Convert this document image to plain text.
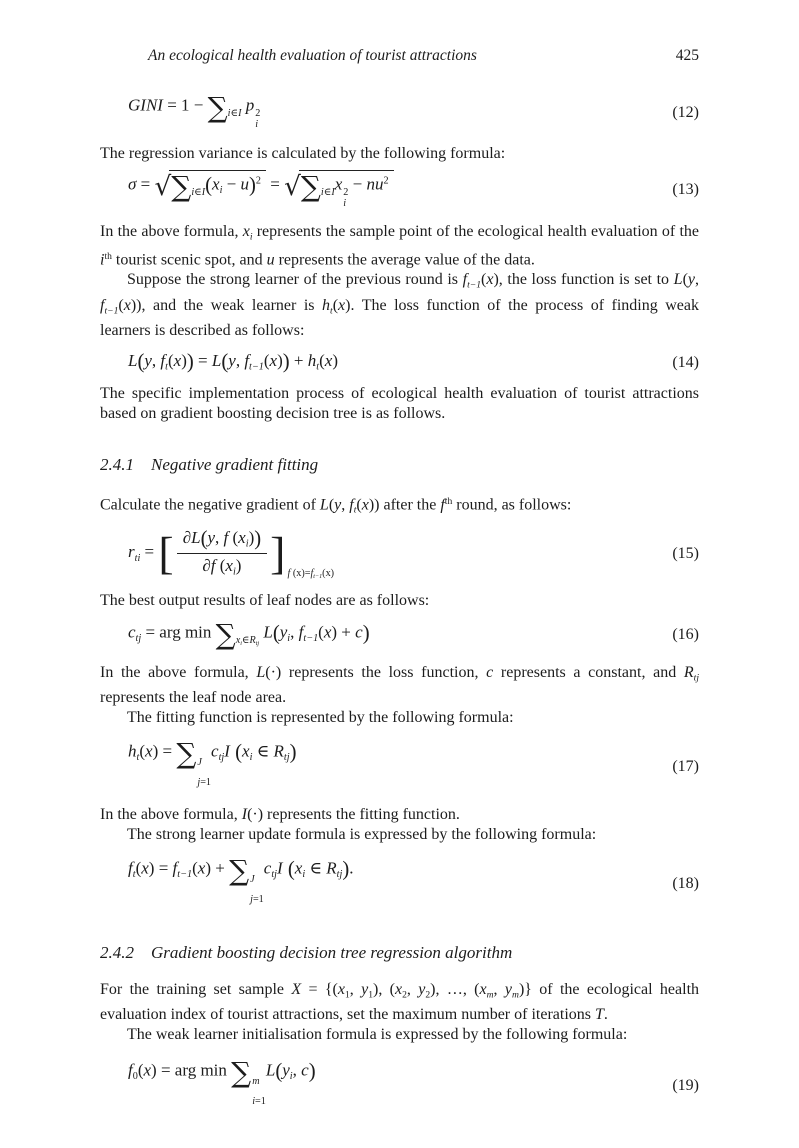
An ecological health evaluation of tourist attractions	425
GINI = $1 - \sum_{i\in I}$ p 2
i
(12)

The regression variance is calculated by the following formula:

$\sigma = √\sum_{i\in I}(x_i - u)^2 = √\sum_{i\in I}x$ 2
i
− $nu^2$	(13)

In the above formula, $x_i$ represents the sample point of the ecological health evaluation of the $i^{th}$ tourist scenic spot, and u represents the average value of the data.

Suppose the strong learner of the previous round is $f_{t-1}(x)$, the loss function is set to L(y, $f_{t-1}(x)$), and the weak learner is $h_t(x)$. The loss function of the process of finding weak learners is described as follows:

L(y, $f_t(x)) = L(y$, $f_{t-1}(x)) + h_t(x)$	(14)

The specific implementation process of ecological health evaluation of tourist attractions based on gradient boosting decision tree is as follows.

2.4.1 Negative gradient fitting

Calculate the negative gradient of L(y, $f_t(x)$) after the $f^{th}$ round, as follows:

$r_{ti}$ = [ $\frac{\partial L(y, f (x_i))}{\partial f (x_i)}$ ] $_{f (x)=f_{t-1}(x)}$
(15)

The best output results of leaf nodes are as follows:

$c_{tj}$ = arg $\min \sum_{x_i\in R_{tj}}$ $L(y_i$, $f_{t-1}(x) + c$)	(16)

In the above formula, L(·) represents the loss function, c represents a constant, and $R_{tj}$ represents the leaf node area.

The fitting function is represented by the following formula:

$h_t(x)$ = ∑ J
j=1
$c_{tj}I$ ($x_i$ ∈ $R_{tj}$)
(17)

In the above formula, I(·) represents the fitting function.

The strong learner update formula is expressed by the following formula:

$f_t(x) = f_{t-1}(x)$ + ∑ J
j=1
$c_{tj}I$ ($x_i$ ∈ $R_{tj}$).
(18)
2.4.2 Gradient boosting decision tree regression algorithm

For the training set sample $X = \{(x_1$, $y_1$), ($x_2$, $y_2$), …, ($x_m$, $y_m$)} of the ecological health evaluation index of tourist attractions, set the maximum number of iterations T.

The weak learner initialisation formula is expressed by the following formula:

$f_0(x)$ = arg min ∑ m
i=1
$L(y_i$, c)
(19)
